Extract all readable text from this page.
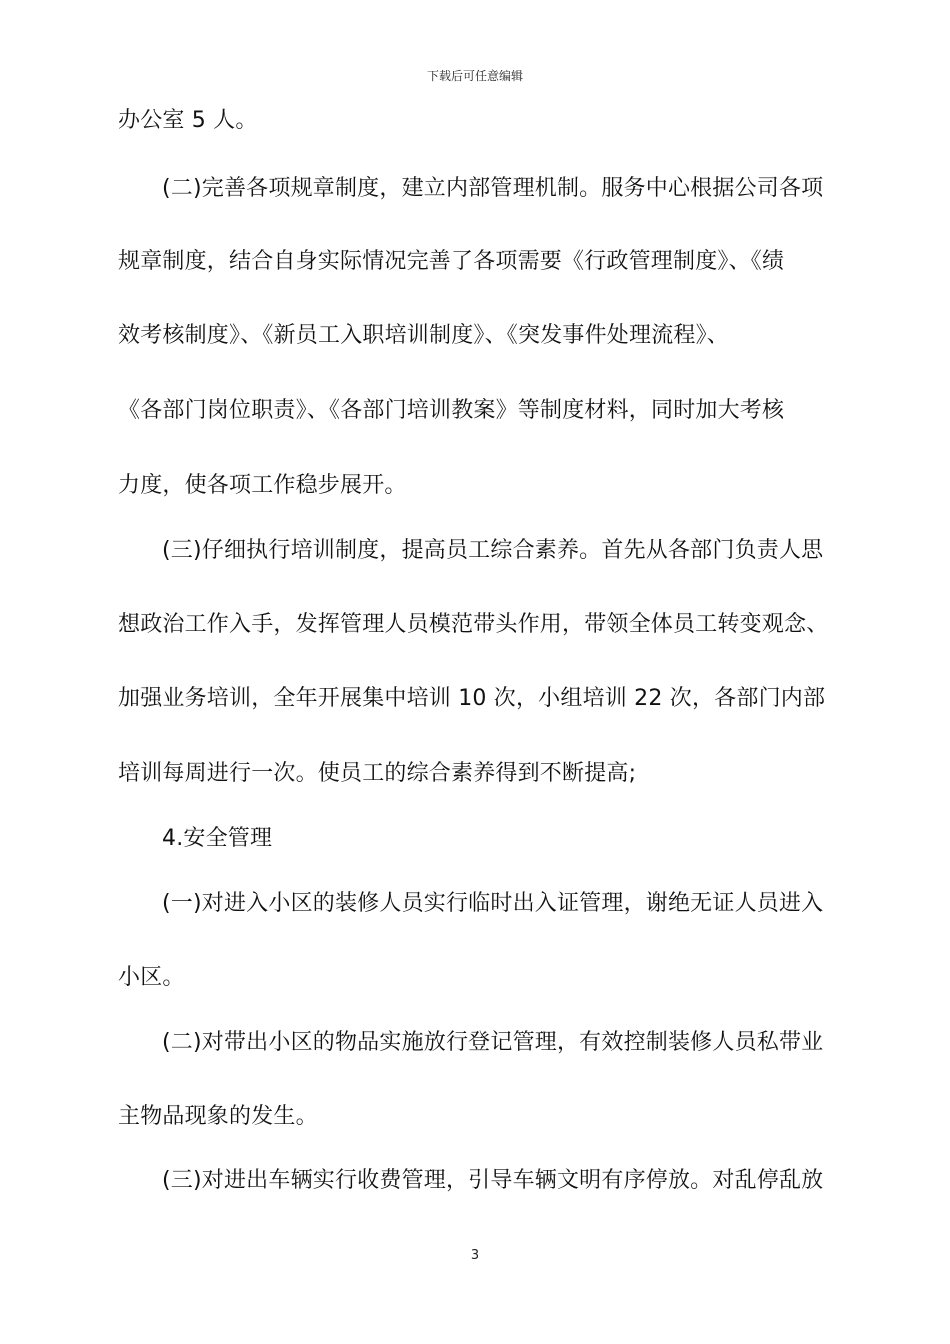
下载后可任意编辑
办公室 5 人。
(二)完善各项规章制度，建立内部管理机制。服务中心根据公司各项
规章制度，结合自身实际情况完善了各项需要《行政管理制度》、《绩
效考核制度》、《新员工入职培训制度》、《突发事件处理流程》、
《各部门岗位职责》、《各部门培训教案》等制度材料，同时加大考核
力度，使各项工作稳步展开。
(三)仔细执行培训制度，提高员工综合素养。首先从各部门负责人思
想政治工作入手，发挥管理人员模范带头作用，带领全体员工转变观念、
加强业务培训，全年开展集中培训 10 次，小组培训 22 次，各部门内部
培训每周进行一次。使员工的综合素养得到不断提高;
4.安全管理
(一)对进入小区的装修人员实行临时出入证管理，谢绝无证人员进入
小区。
(二)对带出小区的物品实施放行登记管理，有效控制装修人员私带业
主物品现象的发生。
(三)对进出车辆实行收费管理，引导车辆文明有序停放。对乱停乱放
3
